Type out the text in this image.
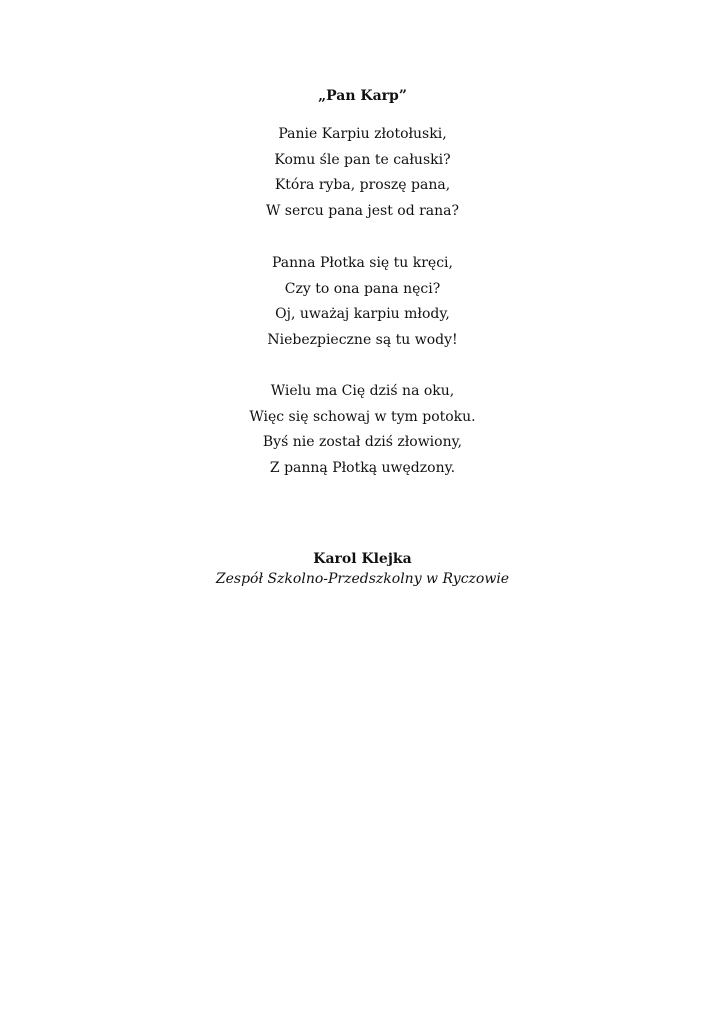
„Pan Karp”
Panie Karpiu złotołuski,
Komu śle pan te całuski?
Która ryba, proszę pana,
W sercu pana jest od rana?
Panna Płotka się tu kręci,
Czy to ona pana nęci?
Oj, uważaj karpiu młody,
Niebezpieczne są tu wody!
Wielu ma Cię dziś na oku,
Więc się schowaj w tym potoku.
Byś nie został dziś złowiony,
Z panną Płotką uwędzony.

Karol Klejka

Zespół Szkolno-Przedszkolny w Ryczowie
